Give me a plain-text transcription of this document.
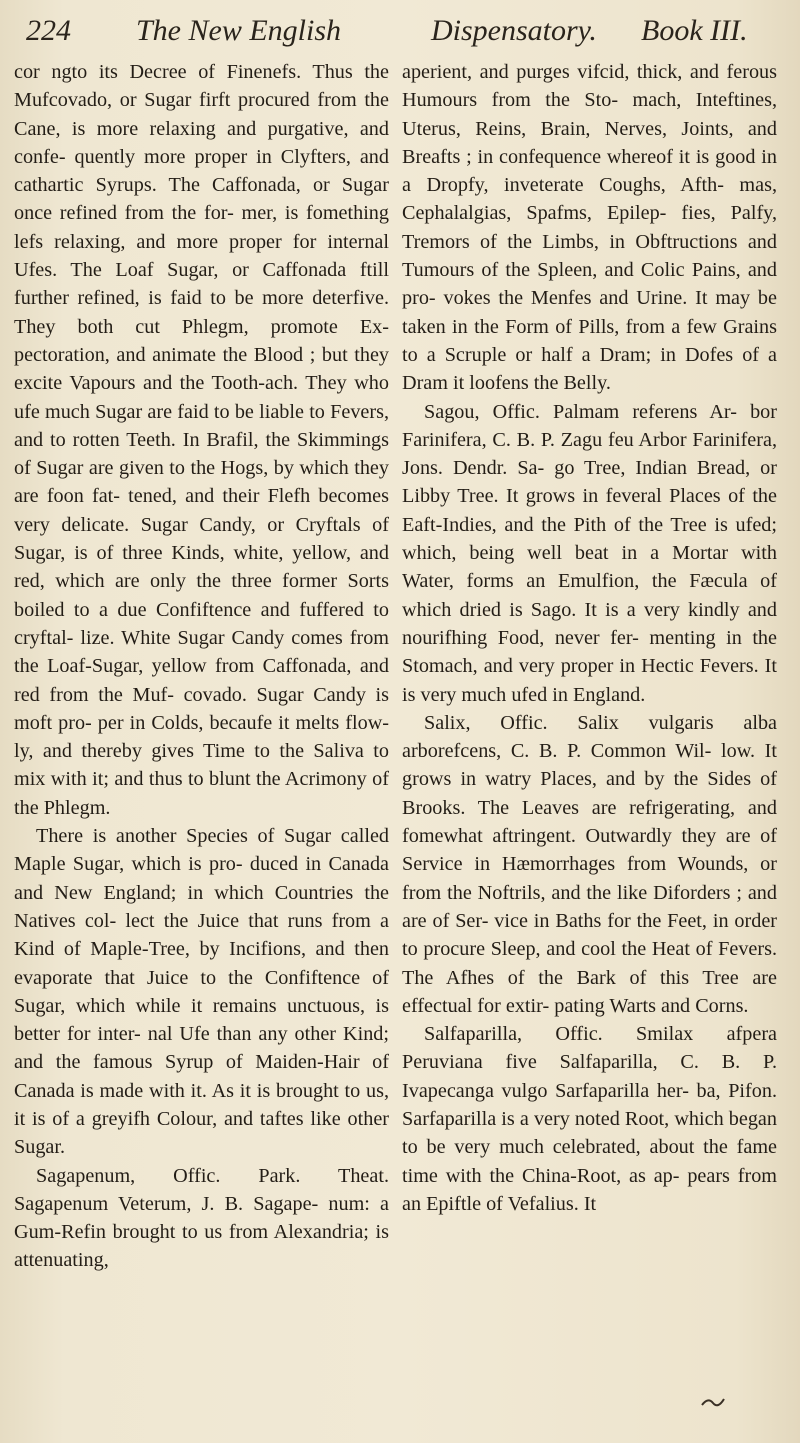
224 The New English	Dispensatory. Book III.

cor ngto its Decree of Finenefs. Thus the Mufcovado, or Sugar firft procured from the Cane, is more relaxing and purgative, and confe- quently more proper in Clyfters, and cathartic Syrups. The Caffonada, or Sugar once refined from the for- mer, is fomething lefs relaxing, and more proper for internal Ufes. The Loaf Sugar, or Caffonada ftill further refined, is faid to be more deterfive. They both cut Phlegm, promote Ex- pectoration, and animate the Blood ; but they excite Vapours and the Tooth-ach. They who ufe much Sugar are faid to be liable to Fevers, and to rotten Teeth. In Brafil, the Skimmings of Sugar are given to the Hogs, by which they are foon fat- tened, and their Flefh becomes very delicate. Sugar Candy, or Cryftals of Sugar, is of three Kinds, white, yellow, and red, which are only the three former Sorts boiled to a due Confiftence and fuffered to cryftal- lize. White Sugar Candy comes from the Loaf-Sugar, yellow from Caffonada, and red from the Muf- covado. Sugar Candy is moft pro- per in Colds, becaufe it melts flow- ly, and thereby gives Time to the Saliva to mix with it; and thus to blunt the Acrimony of the Phlegm.

There is another Species of Sugar called Maple Sugar, which is pro- duced in Canada and New England; in which Countries the Natives col- lect the Juice that runs from a Kind of Maple-Tree, by Incifions, and then evaporate that Juice to the Confiftence of Sugar, which while it remains unctuous, is better for inter- nal Ufe than any other Kind; and the famous Syrup of Maiden-Hair of Canada is made with it. As it is brought to us, it is of a greyifh Colour, and taftes like other Sugar.

Sagapenum, Offic. Park. Theat. Sagapenum Veterum, J. B. Sagape- num: a Gum-Refin brought to us from Alexandria; is attenuating,

aperient, and purges vifcid, thick, and ferous Humours from the Sto- mach, Inteftines, Uterus, Reins, Brain, Nerves, Joints, and Breafts ; in confequence whereof it is good in a Dropfy, inveterate Coughs, Afth- mas, Cephalalgias, Spafms, Epilep- fies, Palfy, Tremors of the Limbs, in Obftructions and Tumours of the Spleen, and Colic Pains, and pro- vokes the Menfes and Urine. It may be taken in the Form of Pills, from a few Grains to a Scruple or half a Dram; in Dofes of a Dram it loofens the Belly.

Sagou, Offic. Palmam referens Ar- bor Farinifera, C. B. P. Zagu feu Arbor Farinifera, Jons. Dendr. Sa- go Tree, Indian Bread, or Libby Tree. It grows in feveral Places of the Eaft-Indies, and the Pith of the Tree is ufed; which, being well beat in a Mortar with Water, forms an Emulfion, the Fæcula of which dried is Sago. It is a very kindly and nourifhing Food, never fer- menting in the Stomach, and very proper in Hectic Fevers. It is very much ufed in England.

Salix, Offic. Salix vulgaris alba arborefcens, C. B. P. Common Wil- low. It grows in watry Places, and by the Sides of Brooks. The Leaves are refrigerating, and fomewhat aftringent. Outwardly they are of Service in Hæmorrhages from Wounds, or from the Noftrils, and the like Diforders ; and are of Ser- vice in Baths for the Feet, in order to procure Sleep, and cool the Heat of Fevers. The Afhes of the Bark of this Tree are effectual for extir- pating Warts and Corns.

Salfaparilla, Offic. Smilax afpera Peruviana five Salfaparilla, C. B. P. Ivapecanga vulgo Sarfaparilla her- ba, Pifon. Sarfaparilla is a very noted Root, which began to be very much celebrated, about the fame time with the China-Root, as ap- pears from an Epiftle of Vefalius. It
